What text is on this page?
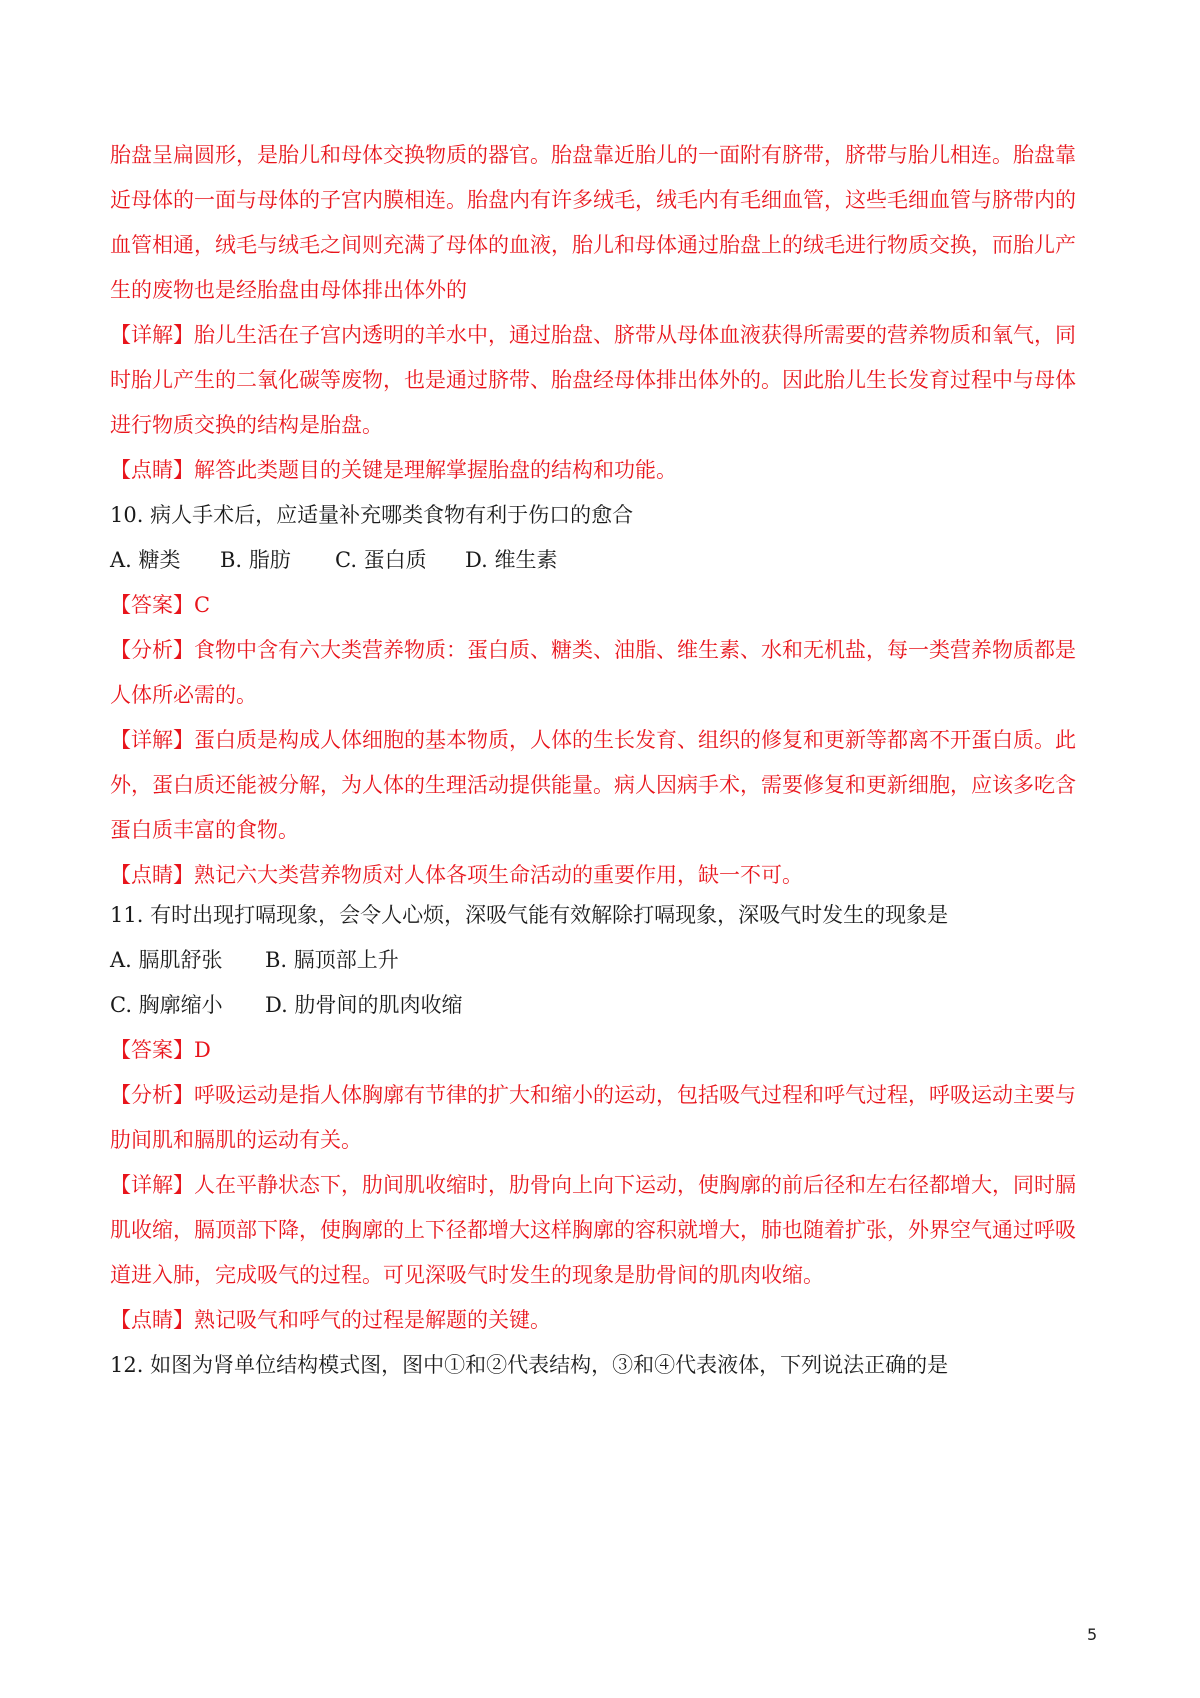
胎盘呈扁圆形，是胎儿和母体交换物质的器官。胎盘靠近胎儿的一面附有脐带，脐带与胎儿相连。胎盘靠
近母体的一面与母体的子宫内膜相连。胎盘内有许多绒毛，绒毛内有毛细血管，这些毛细血管与脐带内的
血管相通，绒毛与绒毛之间则充满了母体的血液，胎儿和母体通过胎盘上的绒毛进行物质交换，而胎儿产
生的废物也是经胎盘由母体排出体外的
【详解】胎儿生活在子宫内透明的羊水中，通过胎盘、脐带从母体血液获得所需要的营养物质和氧气，同
时胎儿产生的二氧化碳等废物，也是通过脐带、胎盘经母体排出体外的。因此胎儿生长发育过程中与母体
进行物质交换的结构是胎盘。
【点睛】解答此类题目的关键是理解掌握胎盘的结构和功能。
10. 病人手术后，应适量补充哪类食物有利于伤口的愈合
A. 糖类 B. 脂肪 C. 蛋白质 D. 维生素
【答案】C
【分析】食物中含有六大类营养物质：蛋白质、糖类、油脂、维生素、水和无机盐，每一类营养物质都是
人体所必需的。
【详解】蛋白质是构成人体细胞的基本物质，人体的生长发育、组织的修复和更新等都离不开蛋白质。此
外，蛋白质还能被分解，为人体的生理活动提供能量。病人因病手术，需要修复和更新细胞，应该多吃含
蛋白质丰富的食物。
【点睛】熟记六大类营养物质对人体各项生命活动的重要作用，缺一不可。
11. 有时出现打嗝现象，会令人心烦，深吸气能有效解除打嗝现象，深吸气时发生的现象是
A. 膈肌舒张 B. 膈顶部上升
C. 胸廓缩小 D. 肋骨间的肌肉收缩
【答案】D
【分析】呼吸运动是指人体胸廓有节律的扩大和缩小的运动，包括吸气过程和呼气过程，呼吸运动主要与
肋间肌和膈肌的运动有关。
【详解】人在平静状态下，肋间肌收缩时，肋骨向上向下运动，使胸廓的前后径和左右径都增大，同时膈
肌收缩，膈顶部下降，使胸廓的上下径都增大这样胸廓的容积就增大，肺也随着扩张，外界空气通过呼吸
道进入肺，完成吸气的过程。可见深吸气时发生的现象是肋骨间的肌肉收缩。
【点睛】熟记吸气和呼气的过程是解题的关键。
12. 如图为肾单位结构模式图，图中①和②代表结构，③和④代表液体，下列说法正确的是
5
